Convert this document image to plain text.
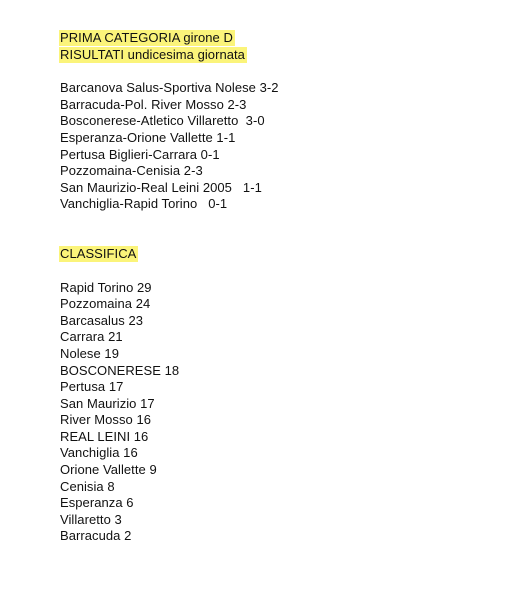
PRIMA CATEGORIA girone D
RISULTATI undicesima giornata
Barcanova Salus-Sportiva Nolese 3-2
Barracuda-Pol. River Mosso 2-3
Bosconerese-Atletico Villaretto  3-0
Esperanza-Orione Vallette 1-1
Pertusa Biglieri-Carrara 0-1
Pozzomaina-Cenisia 2-3
San Maurizio-Real Leini 2005   1-1
Vanchiglia-Rapid Torino   0-1
CLASSIFICA
Rapid Torino 29
Pozzomaina 24
Barcasalus 23
Carrara 21
Nolese 19
BOSCONERESE 18
Pertusa 17
San Maurizio 17
River Mosso 16
REAL LEINI 16
Vanchiglia 16
Orione Vallette 9
Cenisia 8
Esperanza 6
Villaretto 3
Barracuda 2
